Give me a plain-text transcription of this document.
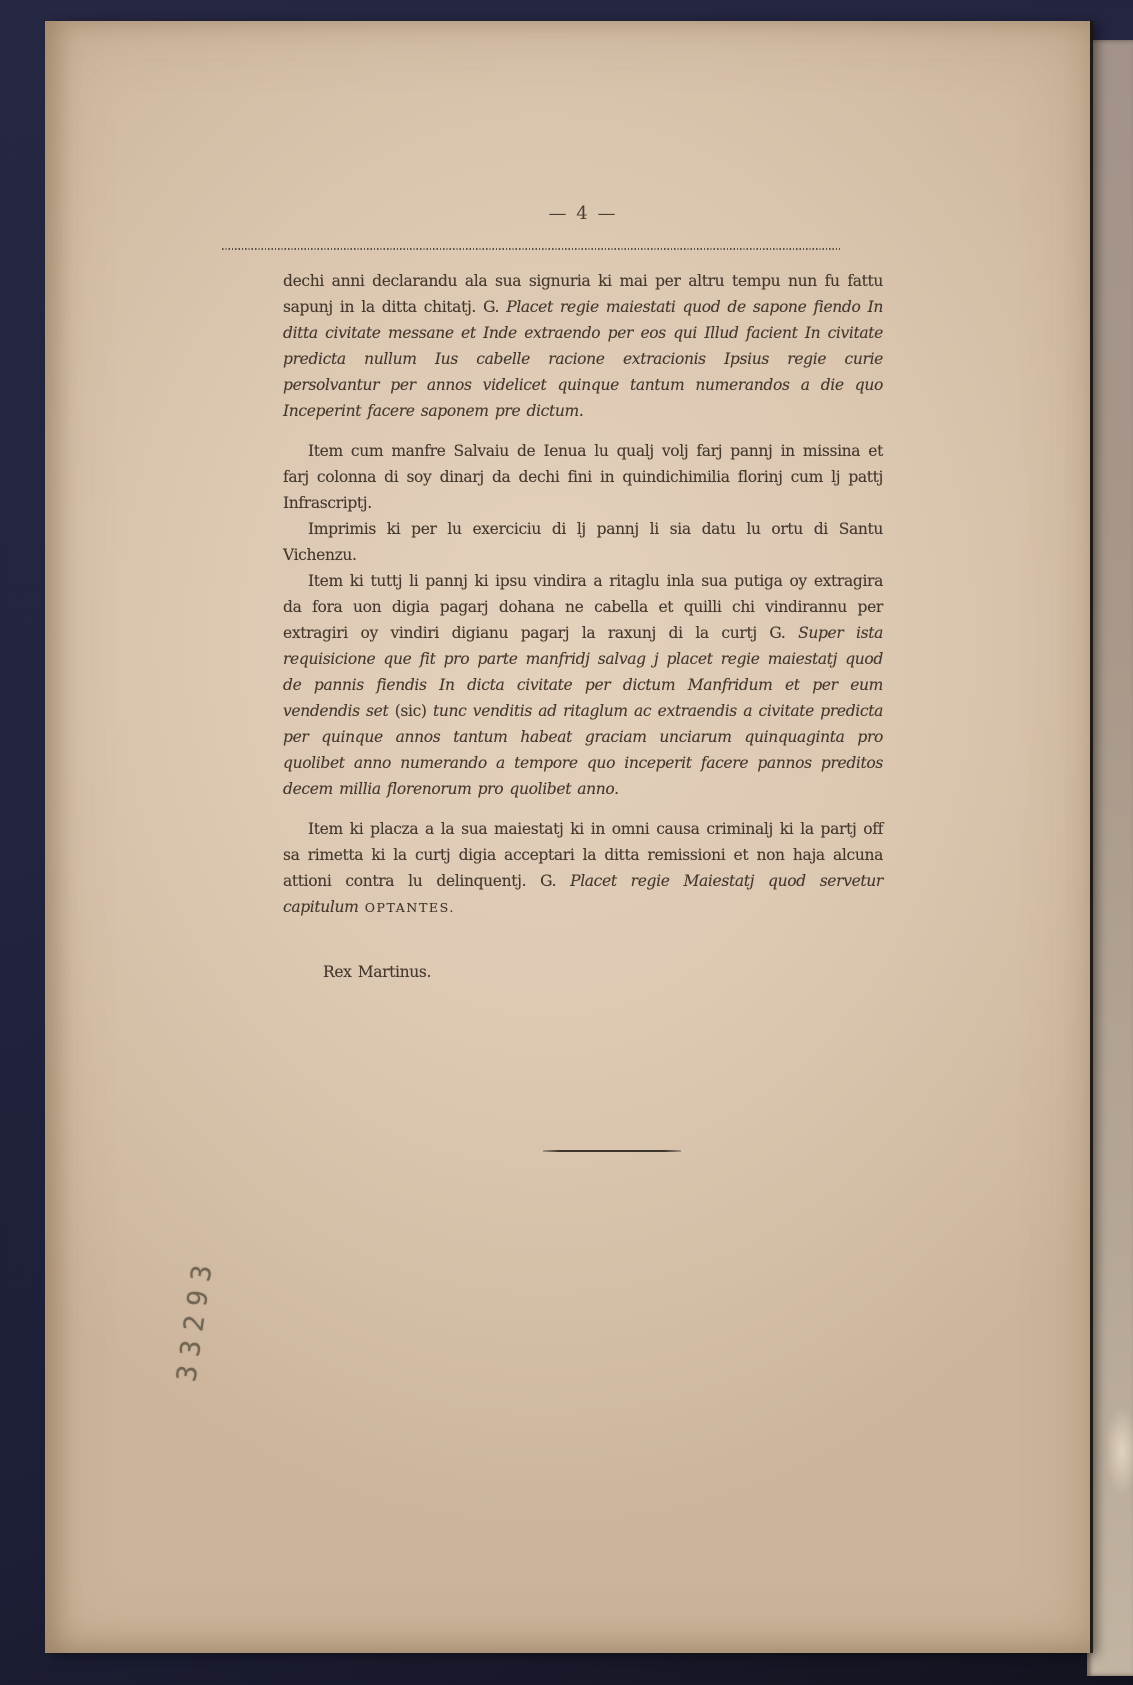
— 4 —

dechi anni declarandu ala sua signuria ki mai per altru tempu nun fu fattu sapunj in la ditta chitatj. G. Placet regie maiestati quod de sapone fiendo In ditta civitate messane et Inde extraendo per eos qui Illud facient In civitate predicta nullum Ius cabelle racione extracionis Ipsius regie curie persolvantur per annos videlicet quinque tantum numerandos a die quo Inceperint facere saponem pre dictum.

Item cum manfre Salvaiu de Ienua lu qualj volj farj pannj in missina et farj colonna di soy dinarj da dechi fini in quindichimilia florinj cum lj pattj Infrascriptj.

Imprimis ki per lu exerciciu di lj pannj li sia datu lu ortu di Santu Vichenzu.

Item ki tuttj li pannj ki ipsu vindira a ritaglu inla sua putiga oy extragira da fora uon digia pagarj dohana ne cabella et quilli chi vindirannu per extragiri oy vindiri digianu pagarj la raxunj di la curtj G. Super ista requisicione que fit pro parte manfridj salvag j placet regie maiestatj quod de pannis fiendis In dicta civitate per dictum Manfridum et per eum vendendis set (sic) tunc venditis ad ritaglum ac extraendis a civitate predicta per quinque annos tantum habeat graciam unciarum quinquaginta pro quolibet anno numerando a tempore quo inceperit facere pannos preditos decem millia florenorum pro quolibet anno.

Item ki placza a la sua maiestatj ki in omni causa criminalj ki la partj off sa rimetta ki la curtj digia acceptari la ditta remissioni et non haja alcuna attioni contra lu delinquentj. G. Placet regie Maiestatj quod servetur capitulum OPTANTES.

Rex Martinus.

33293
